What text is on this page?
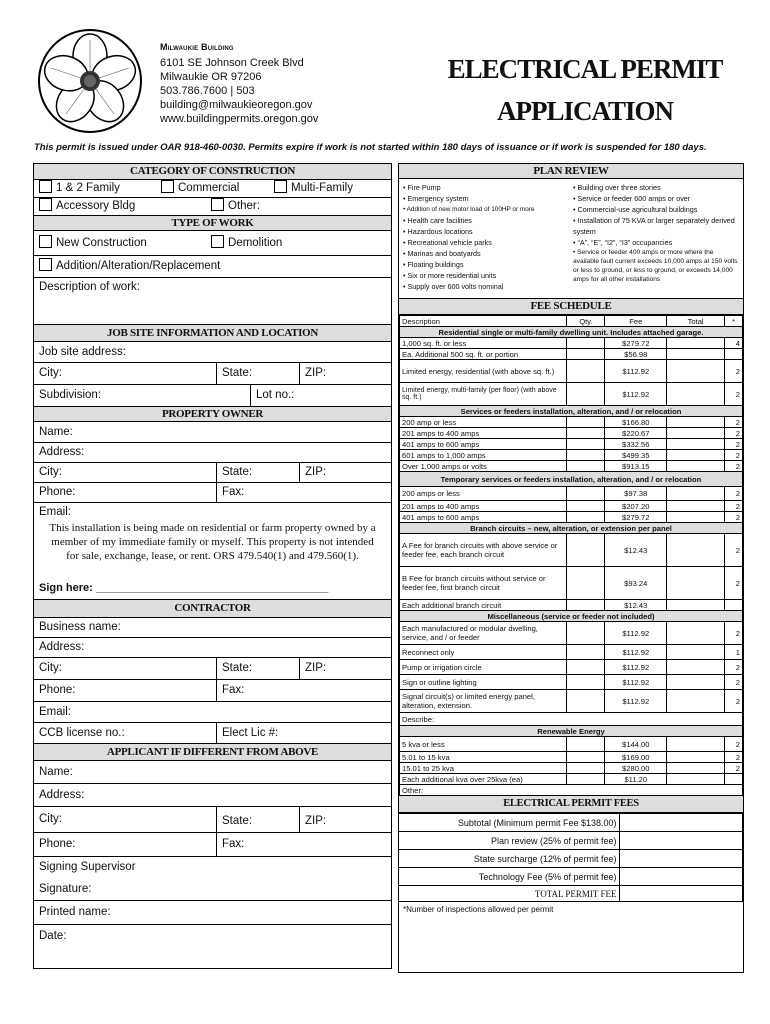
Milwaukie Building
6101 SE Johnson Creek Blvd
Milwaukie OR 97206
503.786.7600 | 503
building@milwaukieoregon.gov
www.buildingpermits.oregon.gov
ELECTRICAL PERMIT
APPLICATION
This permit is issued under OAR 918-460-0030. Permits expire if work is not started within 180 days of issuance or if work is suspended for 180 days.
CATEGORY OF CONSTRUCTION
1 & 2 Family	Commercial	Multi-Family
Accessory Bldg	Other:
TYPE OF WORK
New Construction	Demolition
Addition/Alteration/Replacement
Description of work:
JOB SITE INFORMATION AND LOCATION
Job site address:
City:	State:	ZIP:
Subdivision:	Lot no.:
PROPERTY OWNER
Name:
Address:
City:	State:	ZIP:
Phone:	Fax:
Email:
This installation is being made on residential or farm property owned by a member of my immediate family or myself. This property is not intended for sale, exchange, lease, or rent. ORS 479.540(1) and 479.560(1).
Sign here: ______________________________________
CONTRACTOR
Business name:
Address:
City:	State:	ZIP:
Phone:	Fax:
Email:
CCB license no.:	Elect Lic #:
APPLICANT IF DIFFERENT FROM ABOVE
Name:
Address:
City:	State:	ZIP:
Phone:	Fax:
Signing Supervisor
Signature:
Printed name:
Date:
PLAN REVIEW
• Fire Pump
• Emergency system
• Addition of new motor load of 100HP or more
• Health care facilities
• Hazardous locations
• Recreational vehicle parks
• Marinas and boatyards
• Floating buildings
• Six or more residential units
• Supply over 600 volts nominal
• Building over three stories
• Service or feeder 600 amps or over
• Commercial-use agricultural buildings
• Installation of 75 KVA or larger separately derived system
• “A”, “E”, “I2”, “I3” occupancies
• Service or feeder 400 amps or more where the available fault current exceeds 10,000 amps at 150 volts or less to ground, or less to ground, or exceeds 14,000 amps for all other installations
FEE SCHEDULE
Description	Qty.	Fee	Total	*
Residential single or multi-family dwelling unit. Includes attached garage.				
1,000 sq. ft. or less		$279.72		4
Ea. Additional 500 sq. ft. or portion		$56.98		
Limited energy, residential (with above sq. ft.)		$112.92		2
Limited energy, multi-family (per floor) (with above sq. ft.)		$112.92		2
Services or feeders installation, alteration, and / or relocation				
200 amp or less		$166.80		2
201 amps to 400 amps		$220.67		2
401 amps to 600 amps		$332.56		2
601 amps to 1,000 amps		$499.35		2
Over 1,000 amps or volts		$913.15		2
Temporary services or feeders installation, alteration, and / or relocation				
200 amps or less		$97.38		2
201 amps to 400 amps		$207.20		2
401 amps to 600 amps		$279.72		2
Branch circuits – new, alteration, or extension per panel				
A Fee for branch circuits with above service or feeder fee, each branch circuit		$12.43		2
B Fee for branch circuits without service or feeder fee, first branch circuit		$93.24		2
Each additional branch circuit		$12.43		
Miscellaneous (service or feeder not included)				
Each manufactured or modular dwelling, service, and / or feeder		$112.92		2
Reconnect only		$112.92		1
Pump or irrigation circle		$112.92		2
Sign or outline lighting		$112.92		2
Signal circuit(s) or limited energy panel, alteration, extension.		$112.92		2
Describe:				
Renewable Energy				
5 kva or less		$144.00		2
5.01 to 15 kva		$169.00		2
15.01 to 25 kva		$280.00		2
Each additional kva over 25kva (ea)		$11.20		
Other:				
ELECTRICAL PERMIT FEES
Subtotal (Minimum permit Fee $138.00)	
Plan review (25% of permit fee)	
State surcharge (12% of permit fee)	
Technology Fee (5% of permit fee)	
TOTAL PERMIT FEE	
*Number of inspections allowed per permit
